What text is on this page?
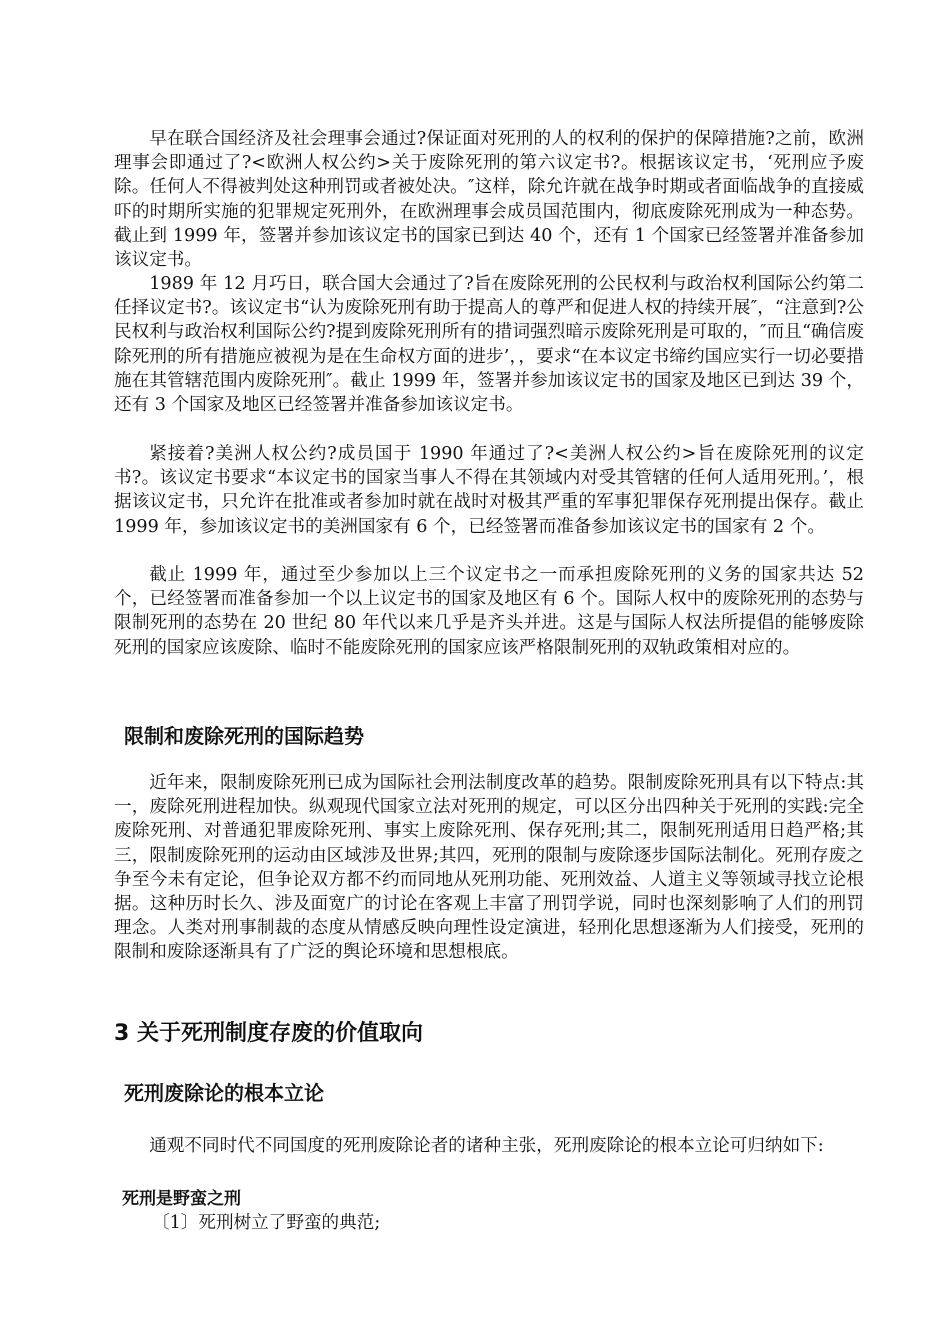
早在联合国经济及社会理事会通过?保证面对死刑的人的权利的保护的保障措施?之前，欧洲理事会即通过了?<欧洲人权公约>关于废除死刑的第六议定书?。根据该议定书，‘死刑应予废除。任何人不得被判处这种刑罚或者被处决。″这样，除允许就在战争时期或者面临战争的直接威吓的时期所实施的犯罪规定死刑外，在欧洲理事会成员国范围内，彻底废除死刑成为一种态势。截止到 1999 年，签署并参加该议定书的国家已到达 40 个，还有 1 个国家已经签署并准备参加该议定书。

1989 年 12 月巧日，联合国大会通过了?旨在废除死刑的公民权利与政治权利国际公约第二任择议定书?。该议定书“认为废除死刑有助于提高人的尊严和促进人权的持续开展″，“注意到?公民权利与政治权利国际公约?提到废除死刑所有的措词强烈暗示废除死刑是可取的，″而且“确信废除死刑的所有措施应被视为是在生命权方面的进步’，，要求“在本议定书缔约国应实行一切必要措施在其管辖范围内废除死刑″。截止 1999 年，签署并参加该议定书的国家及地区已到达 39 个，还有 3 个国家及地区已经签署并准备参加该议定书。

紧接着?美洲人权公约?成员国于 1990 年通过了?<美洲人权公约>旨在废除死刑的议定书?。该议定书要求“本议定书的国家当事人不得在其领域内对受其管辖的任何人适用死刑。’，根据该议定书，只允许在批准或者参加时就在战时对极其严重的军事犯罪保存死刑提出保存。截止 1999 年，参加该议定书的美洲国家有 6 个，已经签署而准备参加该议定书的国家有 2 个。

截止 1999 年，通过至少参加以上三个议定书之一而承担废除死刑的义务的国家共达 52 个，已经签署而准备参加一个以上议定书的国家及地区有 6 个。国际人权中的废除死刑的态势与限制死刑的态势在 20 世纪 80 年代以来几乎是齐头并进。这是与国际人权法所提倡的能够废除死刑的国家应该废除、临时不能废除死刑的国家应该严格限制死刑的双轨政策相对应的。

限制和废除死刑的国际趋势

近年来，限制废除死刑已成为国际社会刑法制度改革的趋势。限制废除死刑具有以下特点:其一，废除死刑进程加快。纵观现代国家立法对死刑的规定，可以区分出四种关于死刑的实践:完全废除死刑、对普通犯罪废除死刑、事实上废除死刑、保存死刑;其二，限制死刑适用日趋严格;其三，限制废除死刑的运动由区域涉及世界;其四，死刑的限制与废除逐步国际法制化。死刑存废之争至今未有定论，但争论双方都不约而同地从死刑功能、死刑效益、人道主义等领域寻找立论根据。这种历时长久、涉及面宽广的讨论在客观上丰富了刑罚学说，同时也深刻影响了人们的刑罚理念。人类对刑事制裁的态度从情感反映向理性设定演进，轻刑化思想逐渐为人们接受，死刑的限制和废除逐渐具有了广泛的舆论环境和思想根底。

3 关于死刑制度存废的价值取向
死刑废除论的根本立论

通观不同时代不同国度的死刑废除论者的诸种主张，死刑废除论的根本立论可归纳如下:

死刑是野蛮之刑

〔1〕死刑树立了野蛮的典范;
